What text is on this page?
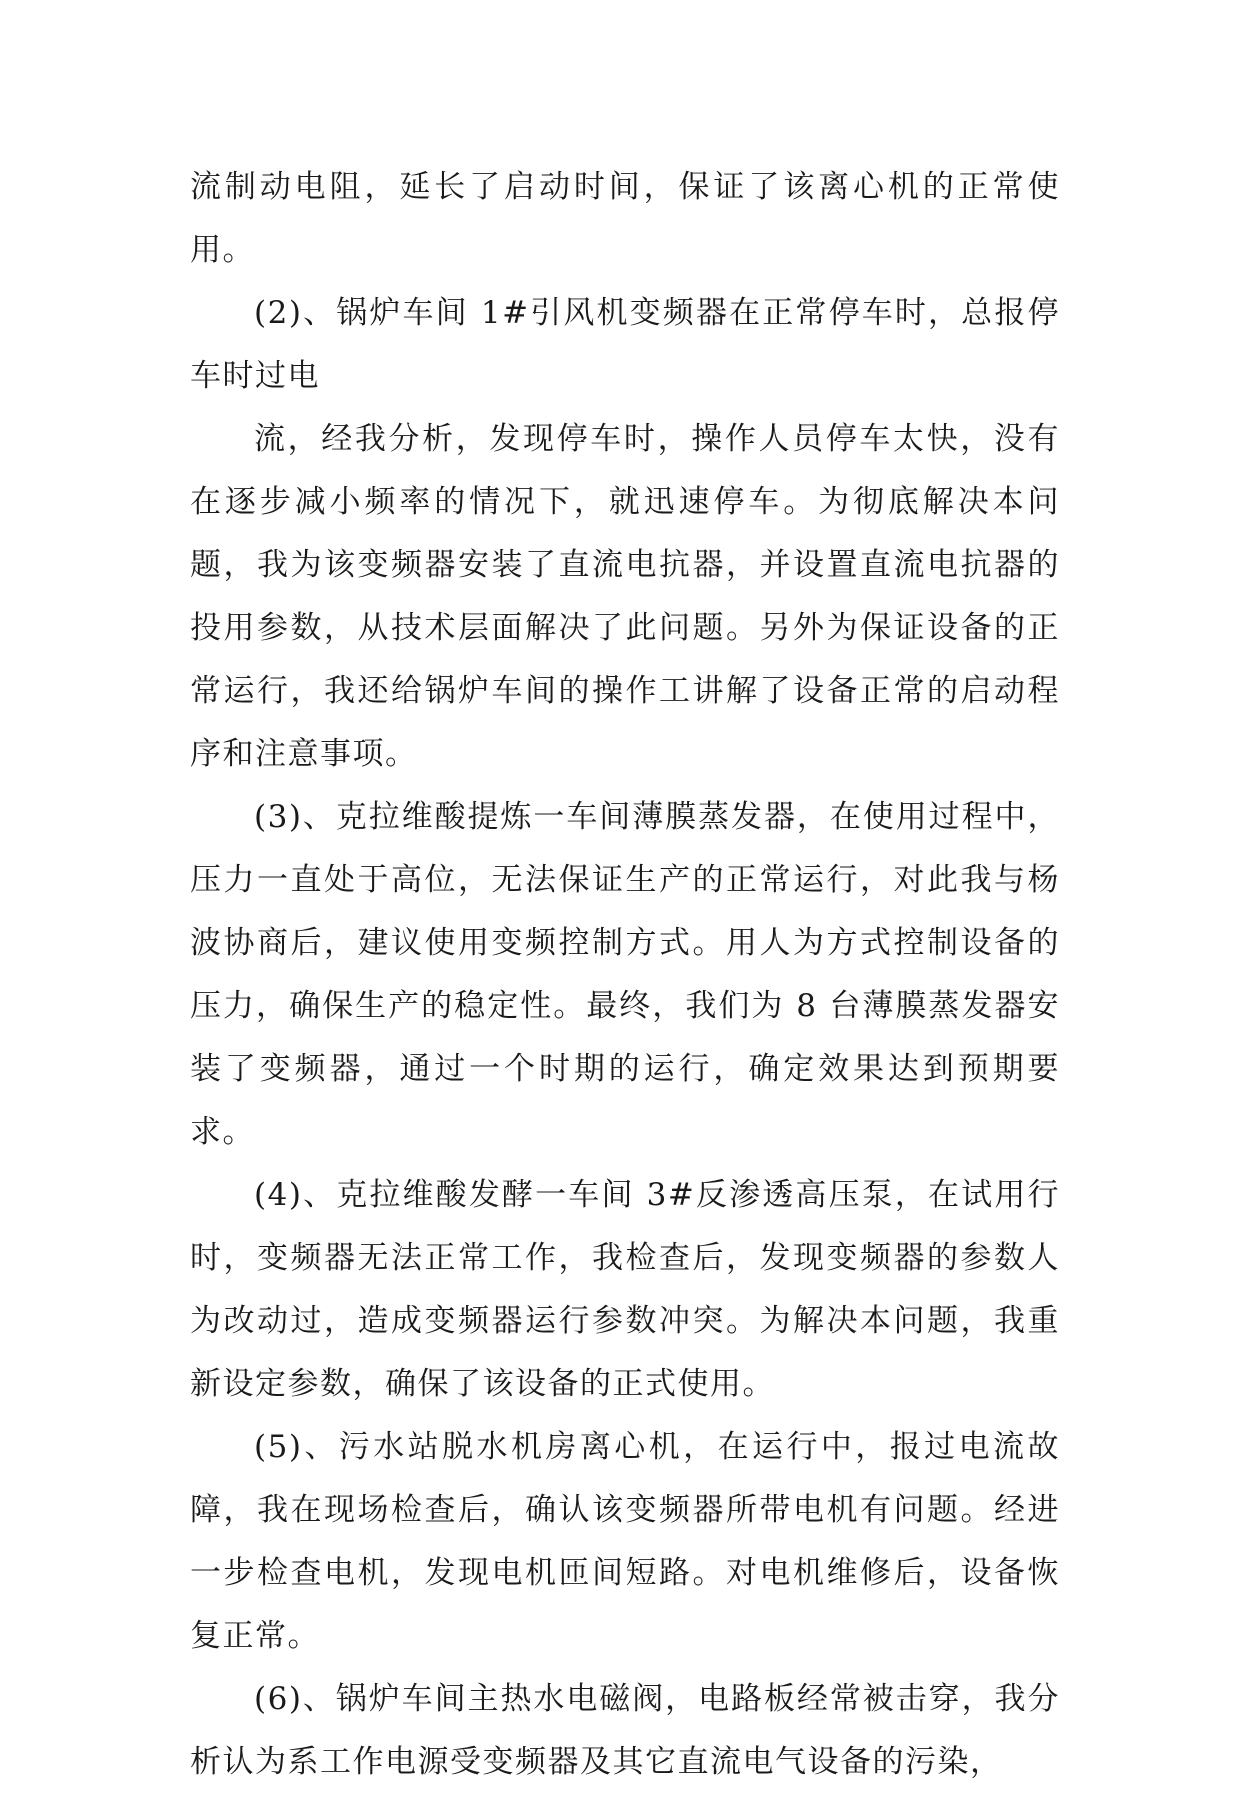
流制动电阻，延长了启动时间，保证了该离心机的正常使用。

(2)、锅炉车间 1#引风机变频器在正常停车时，总报停车时过电

流，经我分析，发现停车时，操作人员停车太快，没有在逐步减小频率的情况下，就迅速停车。为彻底解决本问题，我为该变频器安装了直流电抗器，并设置直流电抗器的投用参数，从技术层面解决了此问题。另外为保证设备的正常运行，我还给锅炉车间的操作工讲解了设备正常的启动程序和注意事项。

(3)、克拉维酸提炼一车间薄膜蒸发器，在使用过程中，压力一直处于高位，无法保证生产的正常运行，对此我与杨波协商后，建议使用变频控制方式。用人为方式控制设备的压力，确保生产的稳定性。最终，我们为 8 台薄膜蒸发器安装了变频器，通过一个时期的运行，确定效果达到预期要求。

(4)、克拉维酸发酵一车间 3#反渗透高压泵，在试用行时，变频器无法正常工作，我检查后，发现变频器的参数人为改动过，造成变频器运行参数冲突。为解决本问题，我重新设定参数，确保了该设备的正式使用。

(5)、污水站脱水机房离心机，在运行中，报过电流故障，我在现场检查后，确认该变频器所带电机有问题。经进一步检查电机，发现电机匝间短路。对电机维修后，设备恢复正常。

(6)、锅炉车间主热水电磁阀，电路板经常被击穿，我分析认为系工作电源受变频器及其它直流电气设备的污染，
